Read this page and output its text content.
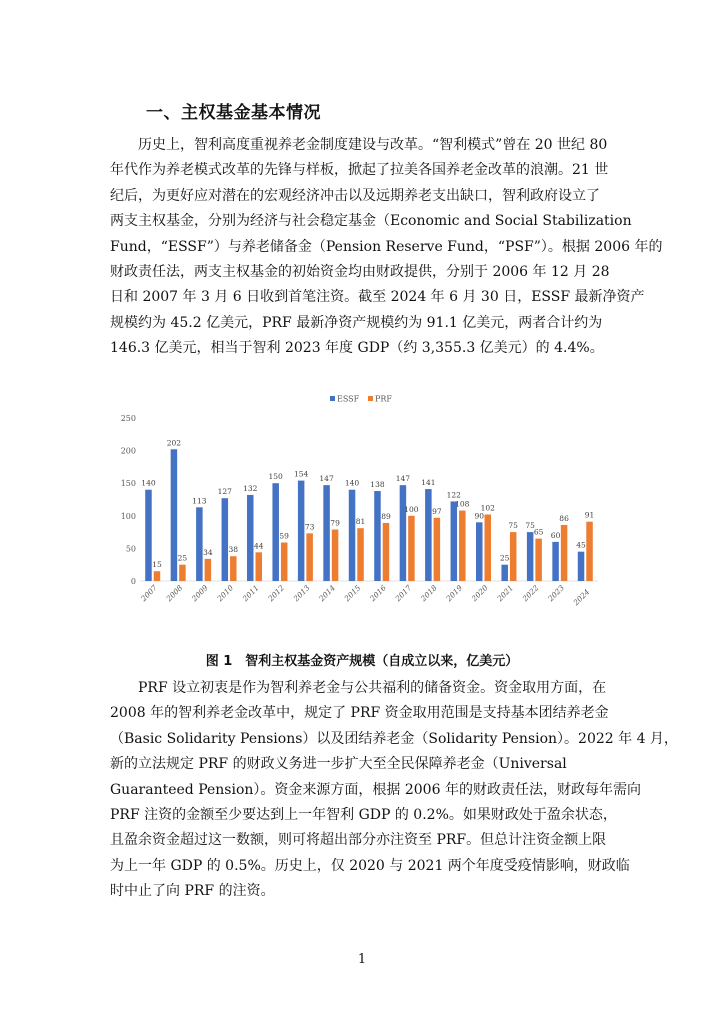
一、主权基金基本情况
历史上，智利高度重视养老金制度建设与改革。“智利模式”曾在 20 世纪 80
年代作为养老模式改革的先锋与样板，掀起了拉美各国养老金改革的浪潮。21 世
纪后，为更好应对潜在的宏观经济冲击以及远期养老支出缺口，智利政府设立了
两支主权基金，分别为经济与社会稳定基金（Economic and Social Stabilization
Fund，“ESSF”）与养老储备金（Pension Reserve Fund，“PSF”）。根据 2006 年的
财政责任法，两支主权基金的初始资金均由财政提供，分别于 2006 年 12 月 28
日和 2007 年 3 月 6 日收到首笔注资。截至 2024 年 6 月 30 日，ESSF 最新净资产
规模约为 45.2 亿美元，PRF 最新净资产规模约为 91.1 亿美元，两者合计约为
146.3 亿美元，相当于智利 2023 年度 GDP（约 3,355.3 亿美元）的 4.4%。
ESSF PRF
0
50
100
150
200
250
140
15
2007
202
25
2008
113
34
2009
127
38
2010
132
44
2011
150
59
2012
154
73
2013
147
79
2014
140
81
2015
138
89
2016
147
100
2017
141
97
2018
122
108
2019
90
102
2020
25
75
2021
75
65
2022
60
86
2023
45
91
2024

图 1　智利主权基金资产规模（自成立以来，亿美元）

PRF 设立初衷是作为智利养老金与公共福利的储备资金。资金取用方面，在
2008 年的智利养老金改革中，规定了 PRF 资金取用范围是支持基本团结养老金
（Basic Solidarity Pensions）以及团结养老金（Solidarity Pension）。2022 年 4 月，
新的立法规定 PRF 的财政义务进一步扩大至全民保障养老金（Universal
Guaranteed Pension）。资金来源方面，根据 2006 年的财政责任法，财政每年需向
PRF 注资的金额至少要达到上一年智利 GDP 的 0.2%。如果财政处于盈余状态，
且盈余资金超过这一数额，则可将超出部分亦注资至 PRF。但总计注资金额上限
为上一年 GDP 的 0.5%。历史上，仅 2020 与 2021 两个年度受疫情影响，财政临
时中止了向 PRF 的注资。

1
